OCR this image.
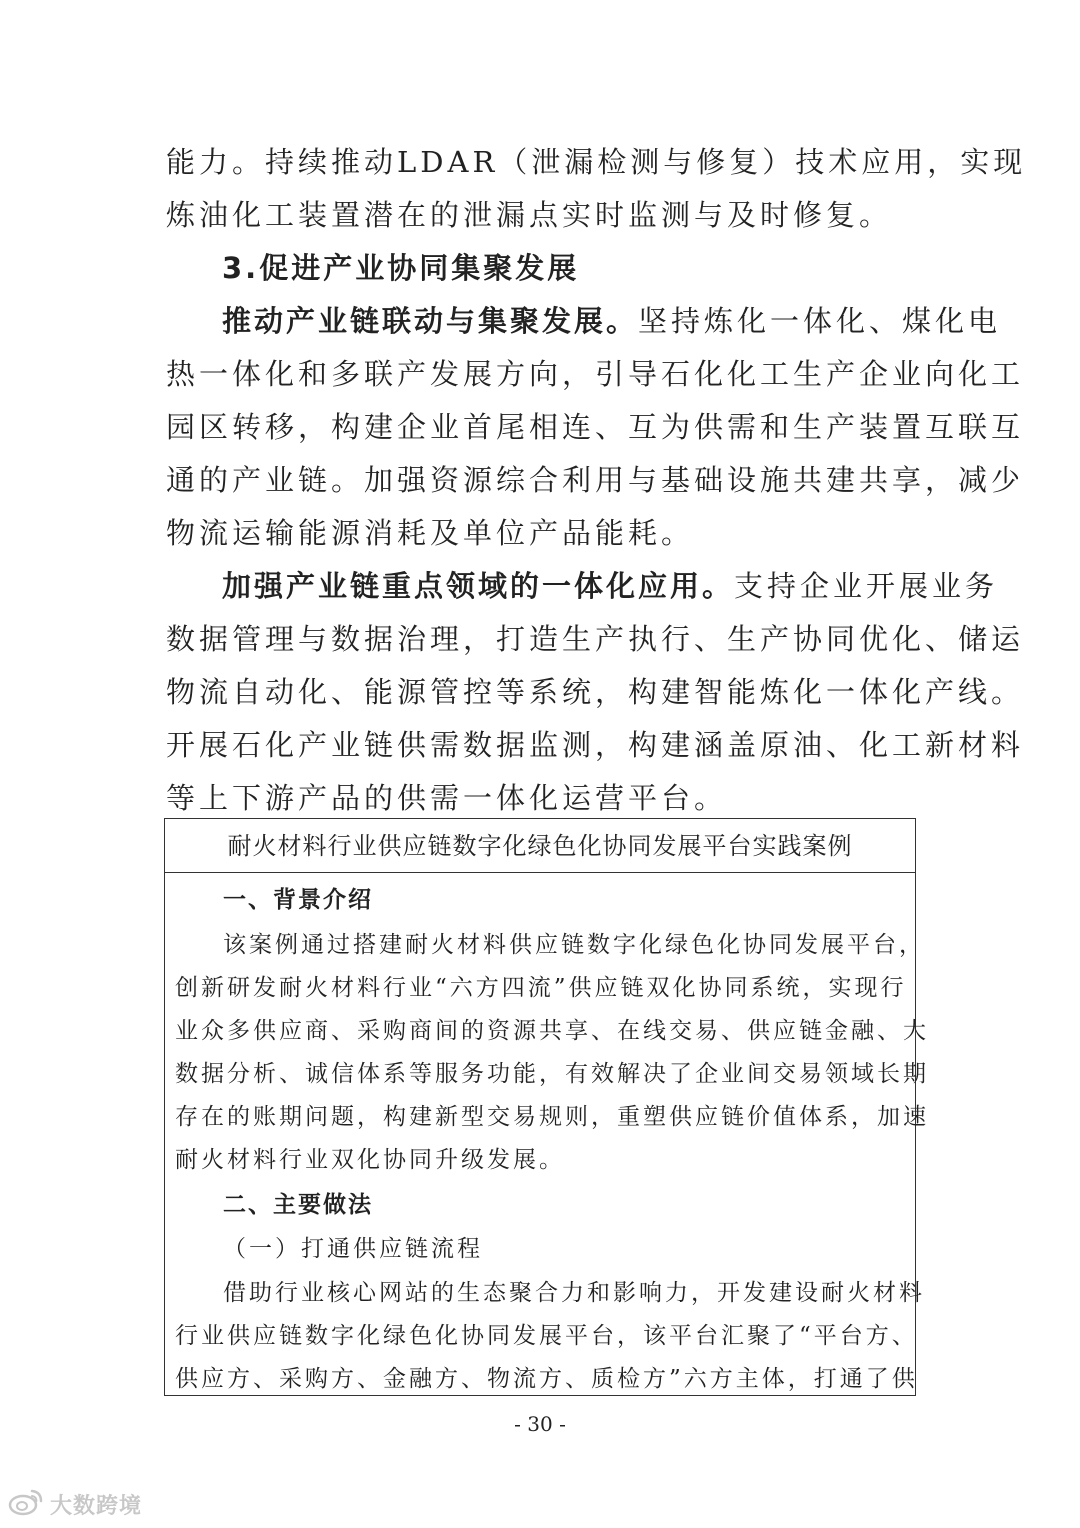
能力。持续推动LDAR（泄漏检测与修复）技术应用，实现
炼油化工装置潜在的泄漏点实时监测与及时修复。
3.促进产业协同集聚发展
推动产业链联动与集聚发展。坚持炼化一体化、煤化电
热一体化和多联产发展方向，引导石化化工生产企业向化工
园区转移，构建企业首尾相连、互为供需和生产装置互联互
通的产业链。加强资源综合利用与基础设施共建共享，减少
物流运输能源消耗及单位产品能耗。
加强产业链重点领域的一体化应用。支持企业开展业务
数据管理与数据治理，打造生产执行、生产协同优化、储运
物流自动化、能源管控等系统，构建智能炼化一体化产线。
开展石化产业链供需数据监测，构建涵盖原油、化工新材料
等上下游产品的供需一体化运营平台。
耐火材料行业供应链数字化绿色化协同发展平台实践案例
一、背景介绍
该案例通过搭建耐火材料供应链数字化绿色化协同发展平台，
创新研发耐火材料行业“六方四流”供应链双化协同系统，实现行
业众多供应商、采购商间的资源共享、在线交易、供应链金融、大
数据分析、诚信体系等服务功能，有效解决了企业间交易领域长期
存在的账期问题，构建新型交易规则，重塑供应链价值体系，加速
耐火材料行业双化协同升级发展。
二、主要做法
（一）打通供应链流程
借助行业核心网站的生态聚合力和影响力，开发建设耐火材料
行业供应链数字化绿色化协同发展平台，该平台汇聚了“平台方、
供应方、采购方、金融方、物流方、质检方”六方主体，打通了供
- 30 -
大数跨境
